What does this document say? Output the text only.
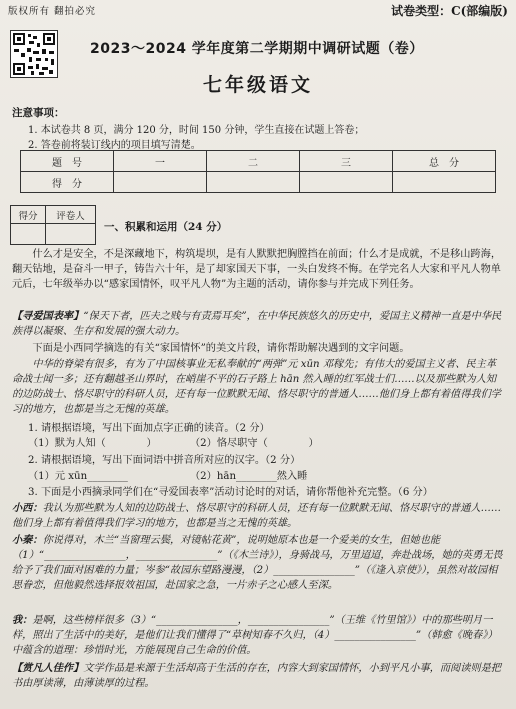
版权所有 翻拍必究	试卷类型：C(部编版)
2023～2024 学年度第二学期期中调研试题（卷）
七年级语文
注意事项：
1. 本试卷共 8 页，满分 120 分，时间 150 分钟，学生直接在试题上答卷；
2. 答卷前将装订线内的项目填写清楚。
题　号	一	二	三	总　分
得　分				
得分	评卷人

一、积累和运用（24 分）
什么才是安全，不是深藏地下，构筑堤坝，是有人默默把胸膛挡在前面；什么才是成就，不是移山跨海，翻天钻地，是奋斗一甲子，铸告六十年，是了却家国天下事，一头白发终不悔。在学完名人大家和平凡人物单元后，七年级举办以“感家国情怀，叹平凡人物”为主题的活动，请你参与并完成下列任务。
【寻爱国表率】“保天下者，匹夫之贱与有责焉耳矣”，在中华民族悠久的历史中，爱国主义精神一直是中华民族得以凝聚、生存和发展的强大动力。
下面是小西同学摘选的有关“家国情怀”的美文片段，请你帮助解决遇到的文字问题。
中华的脊梁有很多，有为了中国核事业无私奉献的“两弹”元 xūn 邓稼先；有伟大的爱国主义者、民主革命战士闻一多；还有翻越圣山界时，在峭崖不平的石子路上 hān 然入睡的红军战士们……以及那些默为人知的边防战士、恪尽职守的科研人员，还有每一位默默无闻、恪尽职守的普通人……他们身上都有着值得我们学习的地方，也都是当之无愧的英雄。
1. 请根据语境，写出下面加点字正确的读音。（2 分）
（1）默为人知（　　　　）	（2）恪尽职守（　　　　）
2. 请根据语境，写出下面词语中拼音所对应的汉字。（2 分）
（1）元 xūn________	（2）hān________然入睡
3. 下面是小西摘录同学们在“寻爱国表率”活动讨论时的对话，请你帮他补充完整。（6 分）
小西：我认为那些默为人知的边防战士、恪尽职守的科研人员，还有每一位默默无闻、恪尽职守的普通人……他们身上都有着值得我们学习的地方，也都是当之无愧的英雄。
小秦：你说得对，木兰“当窗理云鬓，对镜帖花黄”，说明她原本也是一个爱美的女生，但她也能（1）“________________，________________”（《木兰诗》），身骑战马，万里迢迢，奔赴战场，她的英勇无畏给予了我们面对困难的力量；岑参“故园东望路漫漫，（2）________________”（《逢入京使》），虽然对故园相思眷恋，但他毅然选择报效祖国，赴国家之急，一片赤子之心感人至深。
我：是啊，这些榜样很多（3）“________________，________________”（王维《竹里馆》）中的那些明月一样，照出了生活中的美好，是他们让我们懂得了“草树知春不久归，（4）________________”（韩愈《晚春》）中蕴含的道理：珍惜时光，方能展现自己生命的价值。
【赏凡人佳作】文学作品是来源于生活却高于生活的存在，内容大到家国情怀，小到平凡小事，而阅读则是把书由厚读薄，由薄读厚的过程。
